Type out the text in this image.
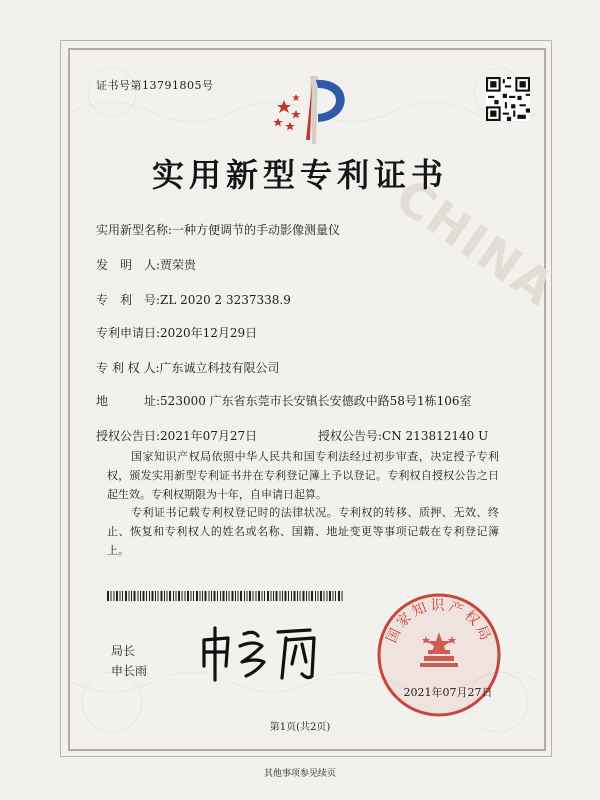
证书号第13791805号
CHINA
实用新型专利证书
实用新型名称:一种方便调节的手动影像测量仪
发　明　人:贾荣贵
专　利　号:ZL 2020 2 3237338.9
专利申请日:2020年12月29日
专 利 权 人:广东诚立科技有限公司
地　　　址:523000 广东省东莞市长安镇长安德政中路58号1栋106室
授权公告日:2021年07月27日	授权公告号:CN 213812140 U
国家知识产权局依照中华人民共和国专利法经过初步审查，决定授予专利权，颁发实用新型专利证书并在专利登记簿上予以登记。专利权自授权公告之日起生效。专利权期限为十年，自申请日起算。
专利证书记载专利权登记时的法律状况。专利权的转移、质押、无效、终止、恢复和专利权人的姓名或名称、国籍、地址变更等事项记载在专利登记簿上。
局长
申长雨
国家知识产权局
2021年07月27日
第1页(共2页)
其他事项参见续页
